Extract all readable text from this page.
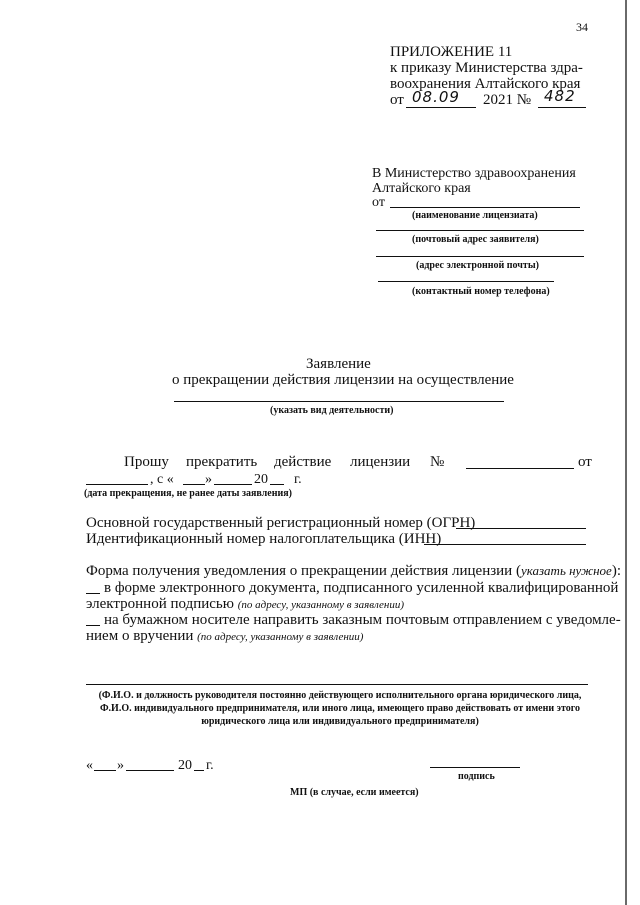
34
ПРИЛОЖЕНИЕ 11
к приказу Министерства здра-
воохранения Алтайского края
от 08.09 2021 № 482
В Министерство здравоохранения
Алтайского края
от
(наименование лицензиата)
(почтовый адрес заявителя)
(адрес электронной почты)
(контактный номер телефона)
Заявление
о прекращении действия лицензии на осуществление
(указать вид деятельности)
Прошу прекратить действие лицензии №	от
, с « »	20 г.
(дата прекращения, не ранее даты заявления)
Основной государственный регистрационный номер (ОГРН)
Идентификационный номер налогоплательщика (ИНН)
Форма получения уведомления о прекращении действия лицензии (указать нужное):
в форме электронного документа, подписанного усиленной квалифицированной
электронной подписью (по адресу, указанному в заявлении)
на бумажном носителе направить заказным почтовым отправлением с уведомле-
нием о вручении (по адресу, указанному в заявлении)
(Ф.И.О. и должность руководителя постоянно действующего исполнительного органа юридического лица,
Ф.И.О. индивидуального предпринимателя, или иного лица, имеющего право действовать от имени этого
юридического лица или индивидуального предпринимателя)
« »	20 г.
подпись
МП (в случае, если имеется)
